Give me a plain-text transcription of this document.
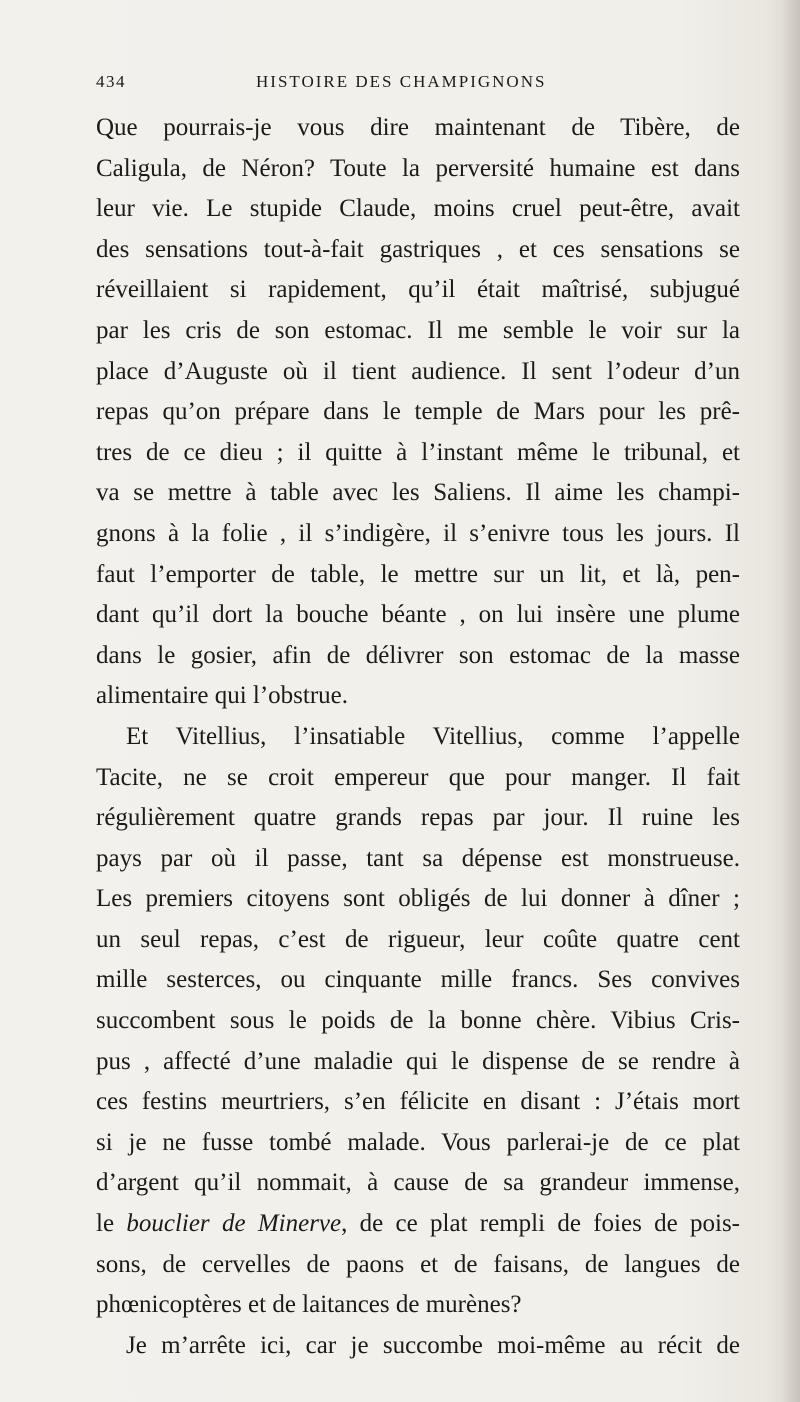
434	HISTOIRE DES CHAMPIGNONS
Que pourrais-je vous dire maintenant de Tibère, de
Caligula, de Néron? Toute la perversité humaine est dans
leur vie. Le stupide Claude, moins cruel peut-être, avait
des sensations tout-à-fait gastriques , et ces sensations se
réveillaient si rapidement, qu’il était maîtrisé, subjugué
par les cris de son estomac. Il me semble le voir sur la
place d’Auguste où il tient audience. Il sent l’odeur d’un
repas qu’on prépare dans le temple de Mars pour les prê-
tres de ce dieu ; il quitte à l’instant même le tribunal, et
va se mettre à table avec les Saliens. Il aime les champi-
gnons à la folie , il s’indigère, il s’enivre tous les jours. Il
faut l’emporter de table, le mettre sur un lit, et là, pen-
dant qu’il dort la bouche béante , on lui insère une plume
dans le gosier, afin de délivrer son estomac de la masse
alimentaire qui l’obstrue.
Et Vitellius, l’insatiable Vitellius, comme l’appelle
Tacite, ne se croit empereur que pour manger. Il fait
régulièrement quatre grands repas par jour. Il ruine les
pays par où il passe, tant sa dépense est monstrueuse.
Les premiers citoyens sont obligés de lui donner à dîner ;
un seul repas, c’est de rigueur, leur coûte quatre cent
mille sesterces, ou cinquante mille francs. Ses convives
succombent sous le poids de la bonne chère. Vibius Cris-
pus , affecté d’une maladie qui le dispense de se rendre à
ces festins meurtriers, s’en félicite en disant : J’étais mort
si je ne fusse tombé malade. Vous parlerai-je de ce plat
d’argent qu’il nommait, à cause de sa grandeur immense,
le bouclier de Minerve, de ce plat rempli de foies de pois-
sons, de cervelles de paons et de faisans, de langues de
phœnicoptères et de laitances de murènes?
Je m’arrête ici, car je succombe moi-même au récit de
